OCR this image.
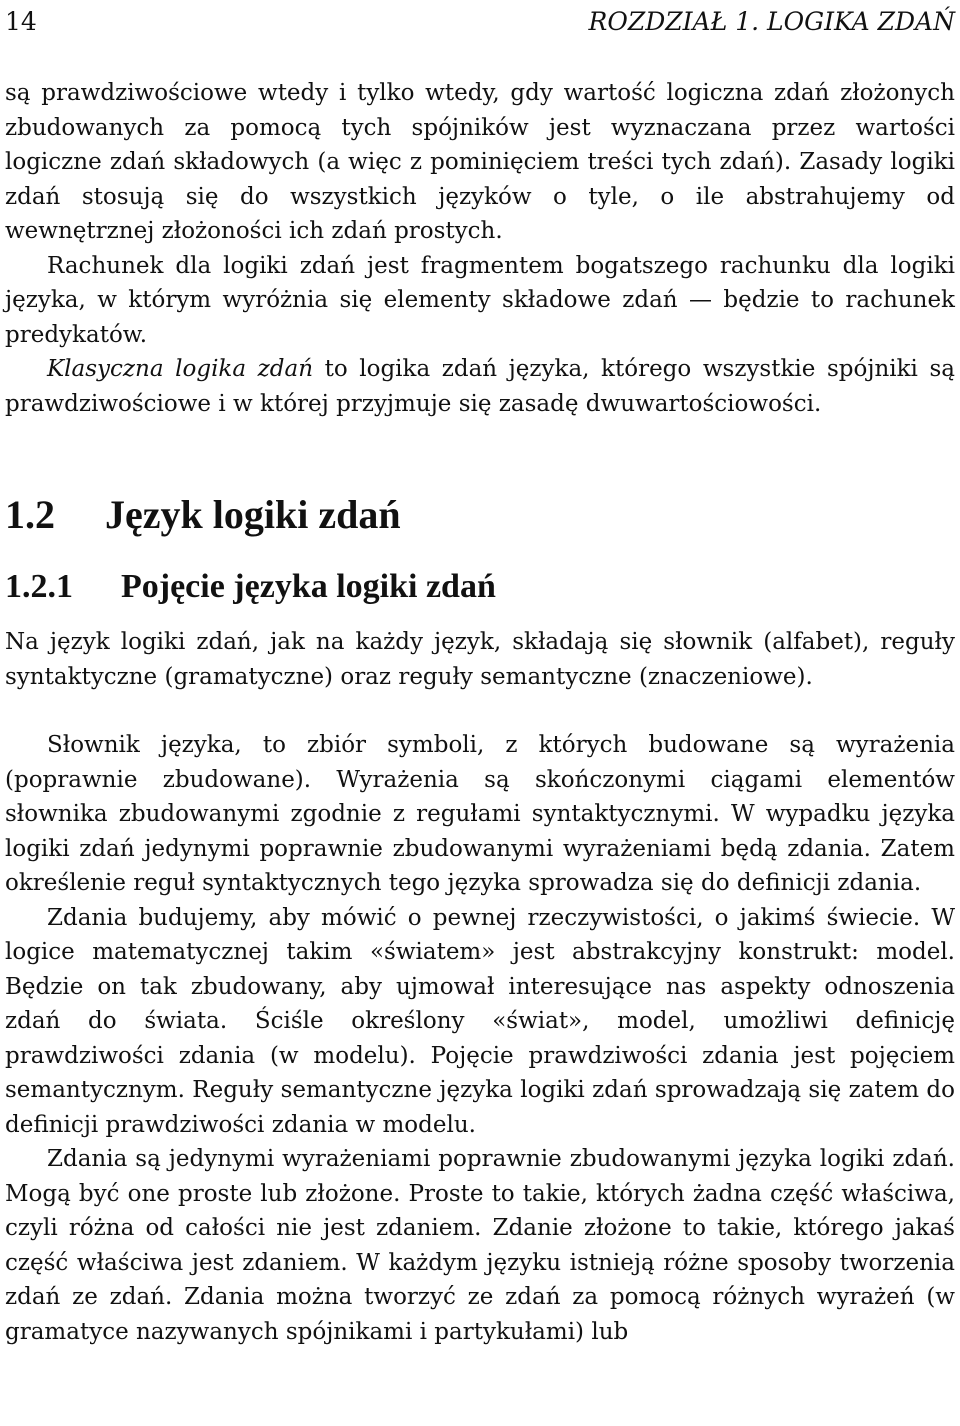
14	ROZDZIAŁ 1. LOGIKA ZDAŃ

są prawdziwościowe wtedy i tylko wtedy, gdy wartość logiczna zdań złożonych zbudowanych za pomocą tych spójników jest wyznaczana przez wartości logiczne zdań składowych (a więc z pominięciem treści tych zdań). Zasady logiki zdań stosują się do wszystkich języków o tyle, o ile abstrahujemy od wewnętrznej złożoności ich zdań prostych.

Rachunek dla logiki zdań jest fragmentem bogatszego rachunku dla logiki języka, w którym wyróżnia się elementy składowe zdań — będzie to rachunek predykatów.

Klasyczna logika zdań to logika zdań języka, którego wszystkie spójniki są prawdziwościowe i w której przyjmuje się zasadę dwuwartościowości.

1.2 Język logiki zdań
1.2.1 Pojęcie języka logiki zdań

Na język logiki zdań, jak na każdy język, składają się słownik (alfabet), reguły syntaktyczne (gramatyczne) oraz reguły semantyczne (znaczeniowe).

Słownik języka, to zbiór symboli, z których budowane są wyrażenia (poprawnie zbudowane). Wyrażenia są skończonymi ciągami elementów słownika zbudowanymi zgodnie z regułami syntaktycznymi. W wypadku języka logiki zdań jedynymi poprawnie zbudowanymi wyrażeniami będą zdania. Zatem określenie reguł syntaktycznych tego języka sprowadza się do definicji zdania.

Zdania budujemy, aby mówić o pewnej rzeczywistości, o jakimś świecie. W logice matematycznej takim «światem» jest abstrakcyjny konstrukt: model. Będzie on tak zbudowany, aby ujmował interesujące nas aspekty odnoszenia zdań do świata. Ściśle określony «świat», model, umożliwi definicję prawdziwości zdania (w modelu). Pojęcie prawdziwości zdania jest pojęciem semantycznym. Reguły semantyczne języka logiki zdań sprowadzają się zatem do definicji prawdziwości zdania w modelu.

Zdania są jedynymi wyrażeniami poprawnie zbudowanymi języka logiki zdań. Mogą być one proste lub złożone. Proste to takie, których żadna część właściwa, czyli różna od całości nie jest zdaniem. Zdanie złożone to takie, którego jakaś część właściwa jest zdaniem. W każdym języku istnieją różne sposoby tworzenia zdań ze zdań. Zdania można tworzyć ze zdań za pomocą różnych wyrażeń (w gramatyce nazywanych spójnikami i partykułami) lub
